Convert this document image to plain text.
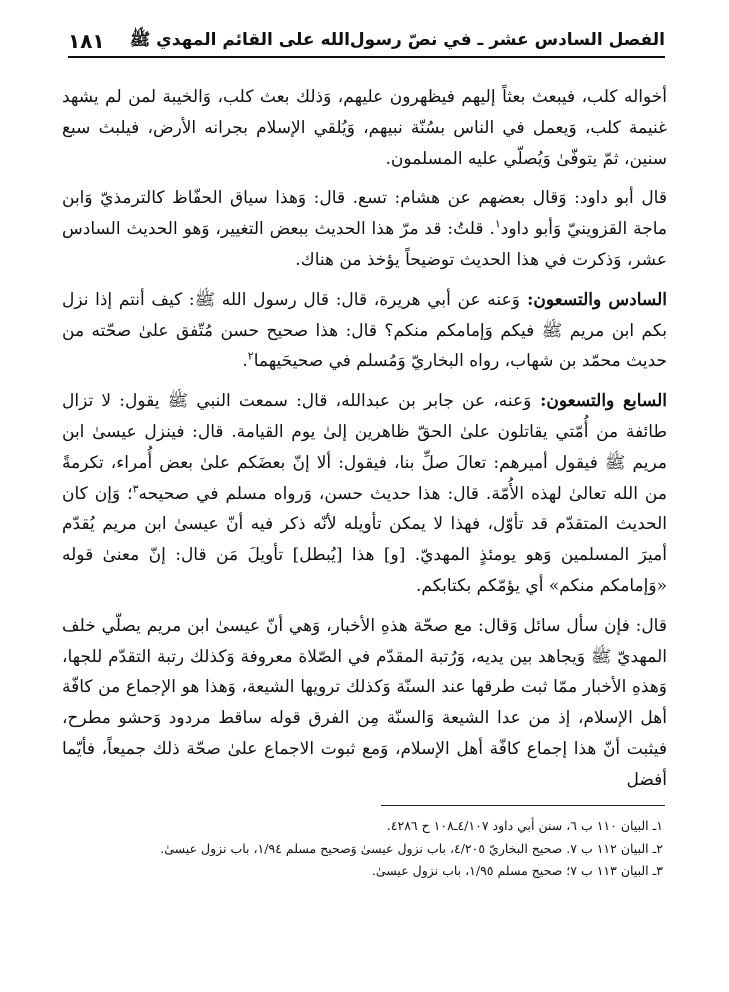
الفصل السادس عشر ـ في نصّ رسول‌الله على القائم المهدي ﷺ
١٨١

أخواله كلب، فيبعث بعثاً إليهم فيظهرون عليهم، وَذلك بعث كلب، وَالخيبة لمن لم يشهد غنيمة كلب، وَيعمل في الناس بسُنّة نبيهم، وَيُلقي الإسلام بجرانه الأرض، فيلبث سبع سنين، ثمّ يتوفّىٰ وَيُصلّي عليه المسلمون.

قال أبو داود: وَقال بعضهم عن هشام: تسع. قال: وَهذا سياق الحفّاظ كالترمذيّ وَابن ماجة القزوينيّ وَأبو داود$^١$. قلتُ: قد مرّ هذا الحديث ببعض التغيير، وَهو الحديث السادس عشر، وَذكرت في هذا الحديث توضيحاً يؤخذ من هناك.

السادس والتسعون: وَعنه عن أبي هريرة، قال: قال رسول الله ﷺ: كيف أنتم إذا نزل بكم ابن مريم ﷺ فيكم وَإمامكم منكم؟ قال: هذا صحيح حسن مُتّفق علىٰ صحّته من حديث محمّد بن شهاب، رواه البخاريّ وَمُسلم في صحيحَيهما$^٢$.

السابع والتسعون: وَعنه، عن جابر بن عبدالله، قال: سمعت النبي ﷺ يقول: لا تزال طائفة من أُمّتي يقاتلون علىٰ الحقّ ظاهرين إلىٰ يوم القيامة. قال: فينزل عيسىٰ ابن مريم ﷺ فيقول أميرهم: تعالَ صلِّ بنا، فيقول: ألا إنّ بعضَكم علىٰ بعض أُمراء، تكرمةً من الله تعالىٰ لهذه الأُمّة. قال: هذا حديث حسن، وَرواه مسلم في صحيحه$^٣$؛ وَإن كان الحديث المتقدّم قد تأوّل، فهذا لا يمكن تأويله لأنّه ذكر فيه أنّ عيسىٰ ابن مريم يُقدّم أميرَ المسلمين وَهو يومئذٍ المهديّ. [و] هذا [يُبطل] تأويلَ مَن قال: إنّ معنىٰ قوله «وَإمامكم منكم» أي يؤمّكم بكتابكم.

قال: فإن سأل سائل وَقال: مع صحّة هذهِ الأخبار، وَهي أنّ عيسىٰ ابن مريم يصلّي خلف المهديّ ﷺ وَيجاهد بين يديه، وَرُتبة المقدّم في الصّلاة معروفة وَكذلك رتبة التقدّم للجها، وَهذهِ الأخبار ممّا ثبت طرقها عند السنّة وَكذلك ترويها الشيعة، وَهذا هو الإجماع من كافّة أهل الإسلام، إذ من عدا الشيعة وَالسنّة مِن الفرق قوله ساقط مردود وَحشو مطرح، فيثبت أنّ هذا إجماع كافّة أهل الإسلام، وَمع ثبوت الاجماع علىٰ صحّة ذلك جميعاً، فأيّما أفضل

١ـ البيان ١١٠ ب ٦، سنن أبي داود ٤/١٠٧ـ١٠٨ ح ٤٢٨٦.
٢ـ البيان ١١٢ ب ٧. صحيح البخاريّ ٤/٢٠٥، باب نزول عيسىٰ وَصحيح مسلم ١/٩٤، باب نزول عيسىٰ.
٣ـ البيان ١١٣ ب ٧؛ صحيح مسلم ١/٩٥، باب نزول عيسىٰ.
